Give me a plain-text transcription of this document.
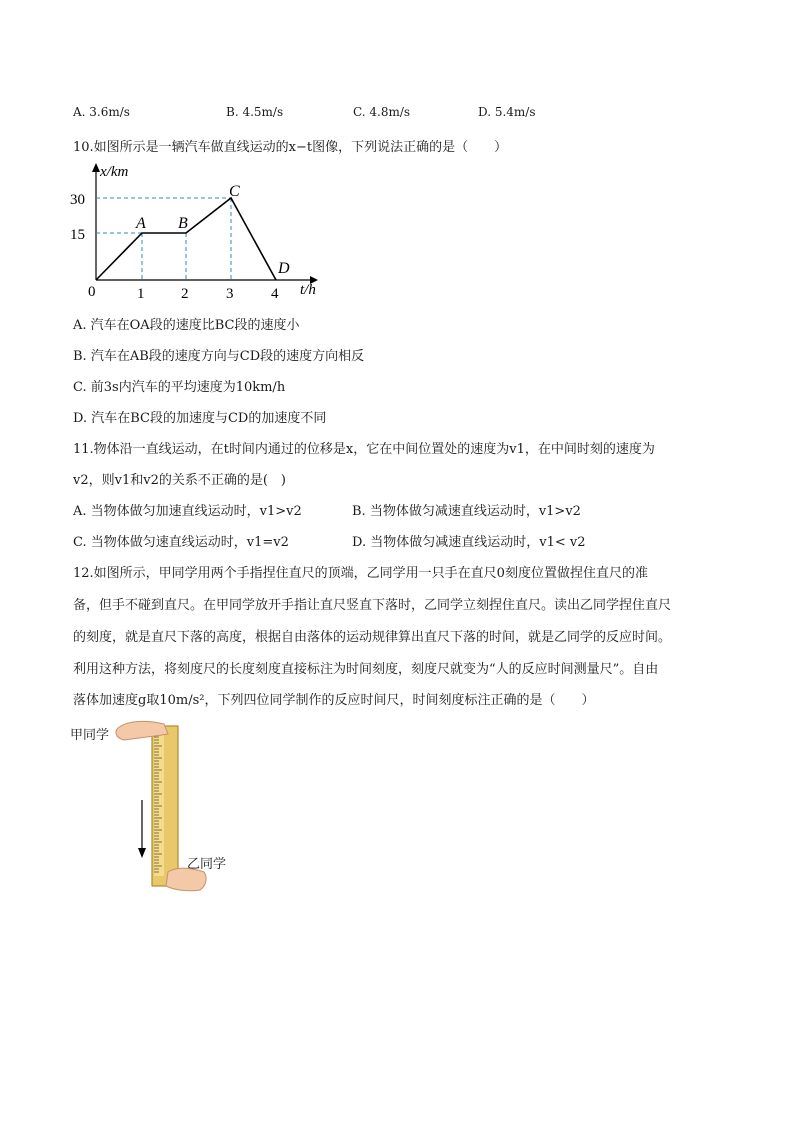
A. 3.6m/s	B. 4.5m/s	C. 4.8m/s	D. 5.4m/s
10.如图所示是一辆汽车做直线运动的x−t图像，下列说法正确的是（　　）
x/km
t/h
30
15
0	1 2	3	4
A B
C
D
A. 汽车在OA段的速度比BC段的速度小
B. 汽车在AB段的速度方向与CD段的速度方向相反
C. 前3s内汽车的平均速度为10km/h
D. 汽车在BC段的加速度与CD的加速度不同
11.物体沿一直线运动，在t时间内通过的位移是x，它在中间位置处的速度为v1，在中间时刻的速度为
v2，则v1和v2的关系不正确的是(　)
A. 当物体做匀加速直线运动时，v1>v2	B. 当物体做匀减速直线运动时，v1>v2
C. 当物体做匀速直线运动时，v1=v2	D. 当物体做匀减速直线运动时，v1< v2
12.如图所示，甲同学用两个手指捏住直尺的顶端，乙同学用一只手在直尺0刻度位置做捏住直尺的准
备，但手不碰到直尺。在甲同学放开手指让直尺竖直下落时，乙同学立刻捏住直尺。读出乙同学捏住直尺
的刻度，就是直尺下落的高度，根据自由落体的运动规律算出直尺下落的时间，就是乙同学的反应时间。
利用这种方法，将刻度尺的长度刻度直接标注为时间刻度，刻度尺就变为“人的反应时间测量尺”。自由
落体加速度g取10m/s²，下列四位同学制作的反应时间尺，时间刻度标注正确的是（　　）
甲同学
乙同学
